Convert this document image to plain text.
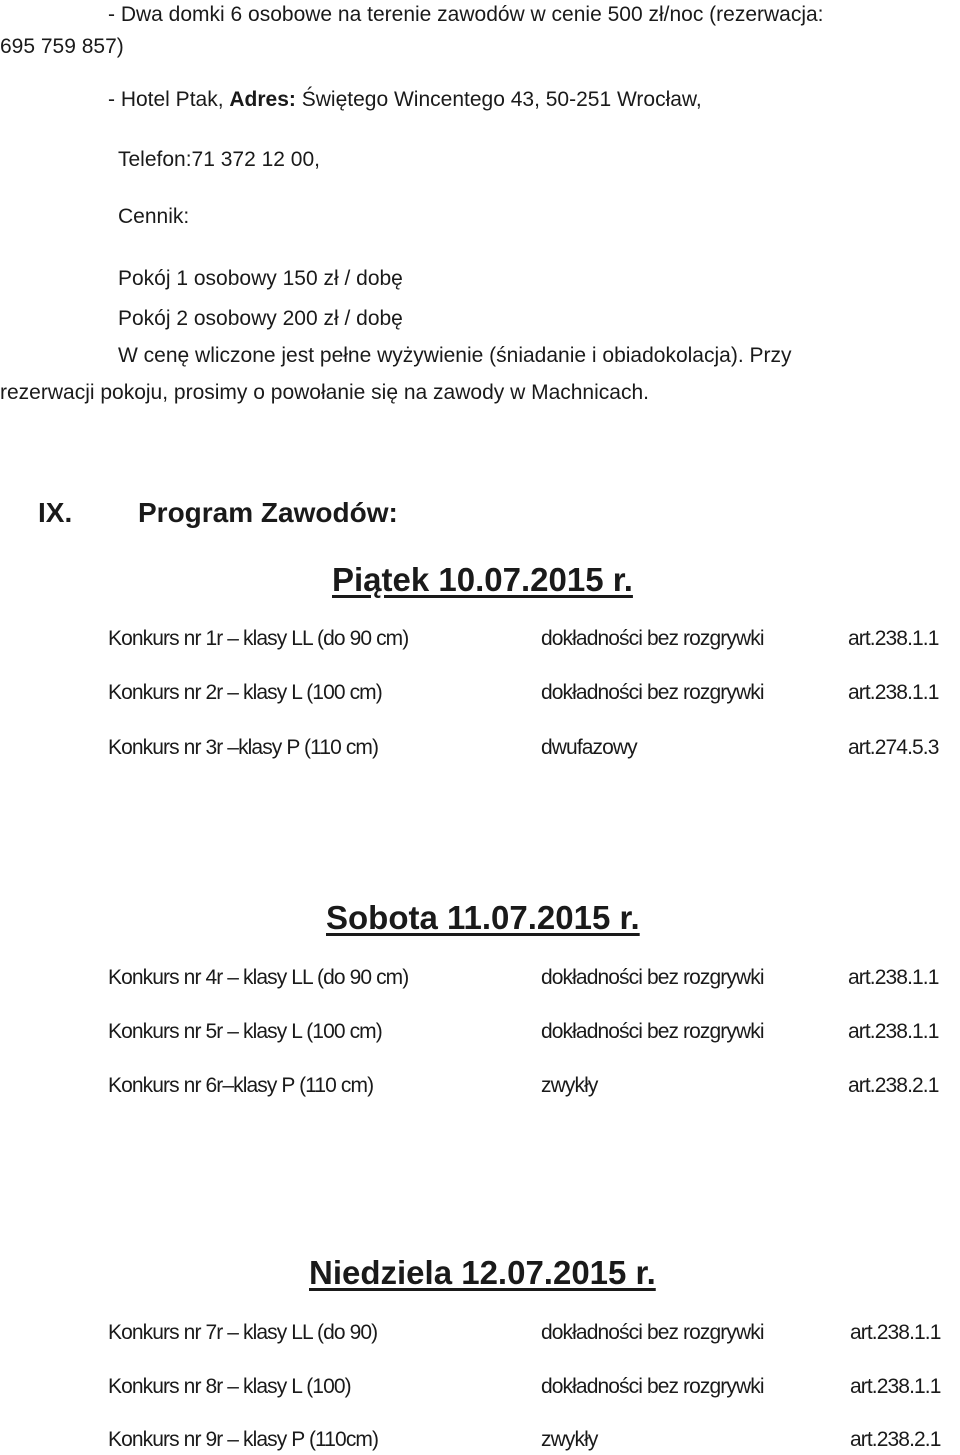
- Dwa domki 6 osobowe na terenie zawodów w cenie 500 zł/noc (rezerwacja:
695 759 857)
- Hotel Ptak, Adres: Świętego Wincentego 43, 50-251 Wrocław,
Telefon:71 372 12 00,
Cennik:
Pokój 1 osobowy 150 zł / dobę
Pokój 2 osobowy 200 zł / dobę
W cenę wliczone jest pełne wyżywienie (śniadanie i obiadokolacja). Przy
rezerwacji pokoju, prosimy o powołanie się na zawody w Machnicach.
IX. Program Zawodów:
Piątek 10.07.2015 r.
Konkurs nr 1r – klasy LL (do 90 cm)	dokładności bez rozgrywki	art.238.1.1
Konkurs nr 2r – klasy L (100 cm)	dokładności bez rozgrywki	art.238.1.1
Konkurs nr 3r –klasy P (110 cm)	dwufazowy	art.274.5.3
Sobota 11.07.2015 r.
Konkurs nr 4r – klasy LL (do 90 cm)	dokładności bez rozgrywki	art.238.1.1
Konkurs nr 5r – klasy L (100 cm)	dokładności bez rozgrywki	art.238.1.1
Konkurs nr 6r–klasy P (110 cm)	zwykły	art.238.2.1
Niedziela 12.07.2015 r.
Konkurs nr 7r – klasy LL (do 90)	dokładności bez rozgrywki	art.238.1.1
Konkurs nr 8r – klasy L (100)	dokładności bez rozgrywki	art.238.1.1
Konkurs nr 9r – klasy P (110cm)	zwykły	art.238.2.1
